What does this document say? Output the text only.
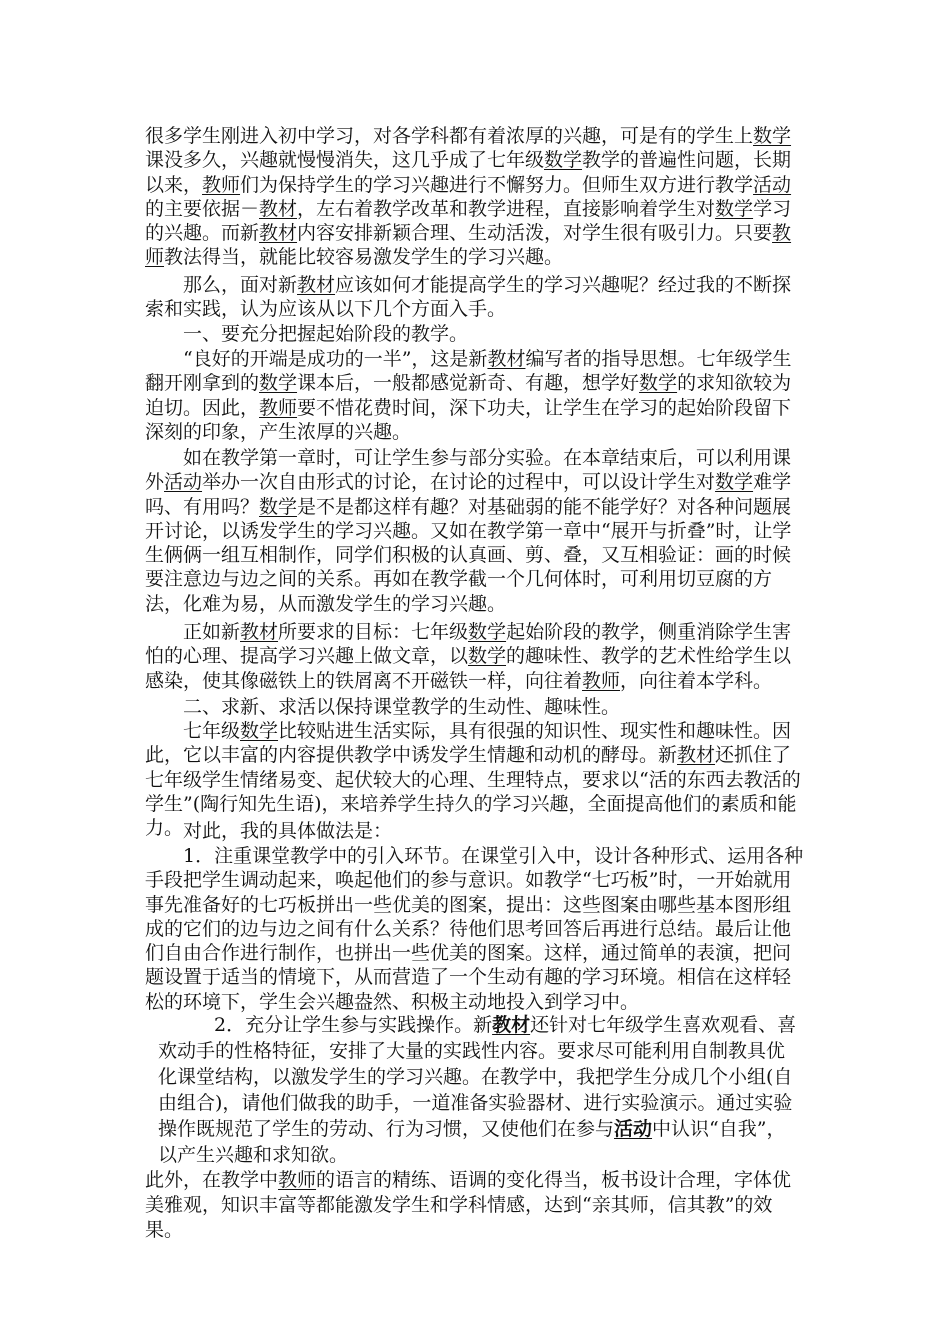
很多学生刚进入初中学习，对各学科都有着浓厚的兴趣，可是有的学生上数学课没多久，兴趣就慢慢消失，这几乎成了七年级数学教学的普遍性问题，长期以来，教师们为保持学生的学习兴趣进行不懈努力。但师生双方进行教学活动的主要依据－教材，左右着教学改革和教学进程，直接影响着学生对数学学习的兴趣。而新教材内容安排新颖合理、生动活泼，对学生很有吸引力。只要教师教法得当，就能比较容易激发学生的学习兴趣。

那么，面对新教材应该如何才能提高学生的学习兴趣呢？经过我的不断探索和实践，认为应该从以下几个方面入手。

一、要充分把握起始阶段的教学。

“良好的开端是成功的一半”，这是新教材编写者的指导思想。七年级学生翻开刚拿到的数学课本后，一般都感觉新奇、有趣，想学好数学的求知欲较为迫切。因此，教师要不惜花费时间，深下功夫，让学生在学习的起始阶段留下深刻的印象，产生浓厚的兴趣。

如在教学第一章时，可让学生参与部分实验。在本章结束后，可以利用课外活动举办一次自由形式的讨论，在讨论的过程中，可以设计学生对数学难学吗、有用吗？数学是不是都这样有趣？对基础弱的能不能学好？对各种问题展开讨论，以诱发学生的学习兴趣。又如在教学第一章中“展开与折叠”时，让学生俩俩一组互相制作，同学们积极的认真画、剪、叠，又互相验证：画的时候要注意边与边之间的关系。再如在教学截一个几何体时，可利用切豆腐的方法，化难为易，从而激发学生的学习兴趣。

正如新教材所要求的目标：七年级数学起始阶段的教学，侧重消除学生害怕的心理、提高学习兴趣上做文章，以数学的趣味性、教学的艺术性给学生以感染，使其像磁铁上的铁屑离不开磁铁一样，向往着教师，向往着本学科。

二、求新、求活以保持课堂教学的生动性、趣味性。

七年级数学比较贴进生活实际，具有很强的知识性、现实性和趣味性。因此，它以丰富的内容提供教学中诱发学生情趣和动机的酵母。新教材还抓住了七年级学生情绪易变、起伏较大的心理、生理特点，要求以“活的东西去教活的学生”(陶行知先生语)，来培养学生持久的学习兴趣，全面提高他们的素质和能力。 对此，我的具体做法是：

1．注重课堂教学中的引入环节。在课堂引入中，设计各种形式、运用各种手段把学生调动起来，唤起他们的参与意识。如教学“七巧板”时，一开始就用事先准备好的七巧板拼出一些优美的图案，提出：这些图案由哪些基本图形组成的它们的边与边之间有什么关系？待他们思考回答后再进行总结。最后让他们自由合作进行制作，也拼出一些优美的图案。这样，通过简单的表演，把问题设置于适当的情境下，从而营造了一个生动有趣的学习环境。相信在这样轻松的环境下，学生会兴趣盎然、积极主动地投入到学习中。

2．充分让学生参与实践操作。新教材还针对七年级学生喜欢观看、喜欢动手的性格特征，安排了大量的实践性内容。要求尽可能利用自制教具优化课堂结构，以激发学生的学习兴趣。在教学中，我把学生分成几个小组(自由组合)，请他们做我的助手，一道准备实验器材、进行实验演示。通过实验操作既规范了学生的劳动、行为习惯，又使他们在参与活动中认识“自我”，以产生兴趣和求知欲。

此外，在教学中教师的语言的精练、语调的变化得当，板书设计合理，字体优美雅观，知识丰富等都能激发学生和学科情感，达到“亲其师，信其教”的效果。
